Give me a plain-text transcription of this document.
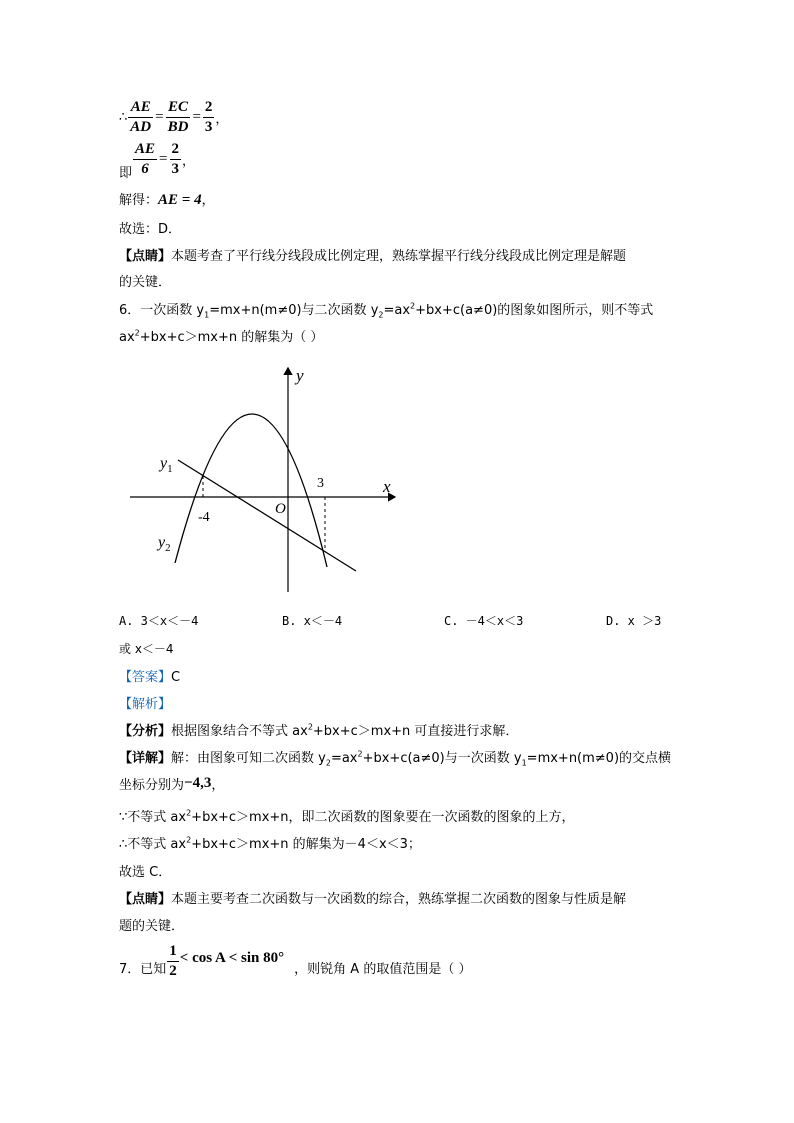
∴ $\frac{AE}{AD} = \frac{EC}{BD} = \frac{2}{3}$ ，
即 $\frac{AE}{6} = \frac{2}{3}$ ，
解得：AE = 4，
故选：D．
【点睛】本题考查了平行线分线段成比例定理，熟练掌握平行线分线段成比例定理是解题
的关键．
6．一次函数 $y_1=mx+n(m\ne 0)$与二次函数 $y_2=ax^2+bx+c(a\ne 0)$的图象如图所示，则不等式
$ax^2+bx+c>mx+n$ 的解集为（ ）
y
x
O
-4
3
$y_1$
$y_2$
A. 3＜x＜－4	B. x＜－4	C. －4＜x＜3	D. x ＞3
或 x＜－4
【答案】C
【解析】
【分析】根据图象结合不等式 $ax^2+bx+c>mx+n$ 可直接进行求解．
【详解】解：由图象可知二次函数 $y_2=ax^2+bx+c(a\ne 0)$与一次函数 $y_1=mx+n(m\ne 0)$的交点横
坐标分别为−4,3，
∵不等式 $ax^2+bx+c>mx+n$，即二次函数的图象要在一次函数的图象的上方，
∴不等式 $ax^2+bx+c>mx+n$ 的解集为－4＜x＜3；
故选 C．
【点睛】本题主要考查二次函数与一次函数的综合，熟练掌握二次函数的图象与性质是解
题的关键．
7．已知 $\frac{1}{2} < \cos A < \sin 80^\circ$，则锐角 A 的取值范围是（ ）
